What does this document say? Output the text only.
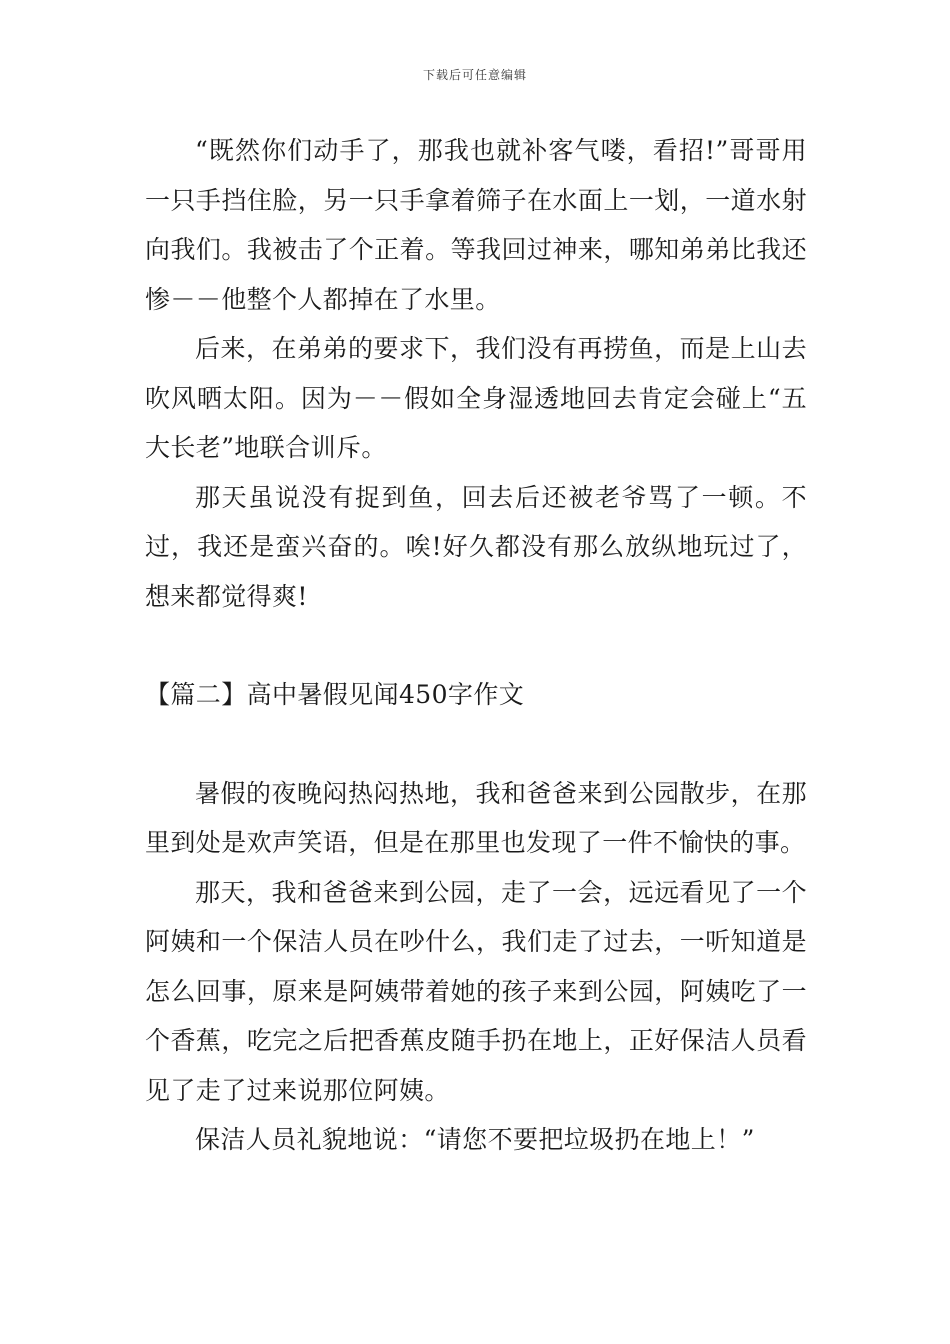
下载后可任意编辑

“既然你们动手了，那我也就补客气喽，看招!”哥哥用一只手挡住脸，另一只手拿着筛子在水面上一划，一道水射向我们。我被击了个正着。等我回过神来，哪知弟弟比我还惨－－他整个人都掉在了水里。

后来，在弟弟的要求下，我们没有再捞鱼，而是上山去吹风晒太阳。因为－－假如全身湿透地回去肯定会碰上“五大长老”地联合训斥。

那天虽说没有捉到鱼，回去后还被老爷骂了一顿。不过，我还是蛮兴奋的。唉!好久都没有那么放纵地玩过了，想来都觉得爽!

【篇二】高中暑假见闻450字作文

暑假的夜晚闷热闷热地，我和爸爸来到公园散步，在那里到处是欢声笑语，但是在那里也发现了一件不愉快的事。

那天，我和爸爸来到公园，走了一会，远远看见了一个阿姨和一个保洁人员在吵什么，我们走了过去，一听知道是怎么回事，原来是阿姨带着她的孩子来到公园，阿姨吃了一个香蕉，吃完之后把香蕉皮随手扔在地上，正好保洁人员看见了走了过来说那位阿姨。

保洁人员礼貌地说：“请您不要把垃圾扔在地上！”
